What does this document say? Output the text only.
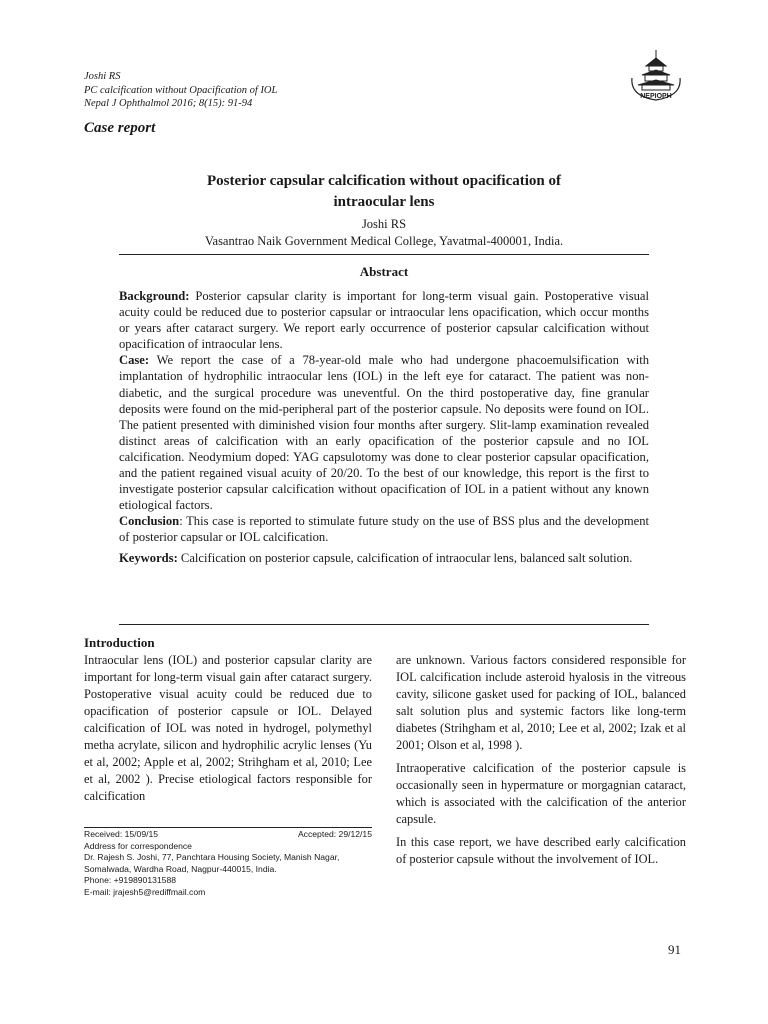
Joshi RS
PC calcification without Opacification of IOL
Nepal J Ophthalmol 2016; 8(15): 91-94
NEPIOPH
Case report
Posterior capsular calcification without opacification of
intraocular lens
Joshi RS
Vasantrao Naik Government Medical College, Yavatmal-400001, India.
Abstract

Background: Posterior capsular clarity is important for long-term visual gain. Postoperative visual acuity could be reduced due to posterior capsular or intraocular lens opacification, which occur months or years after cataract surgery. We report early occurrence of posterior capsular calcification without opacification of intraocular lens.

Case: We report the case of a 78-year-old male who had undergone phacoemulsification with implantation of hydrophilic intraocular lens (IOL) in the left eye for cataract. The patient was non-diabetic, and the surgical procedure was uneventful. On the third postoperative day, fine granular deposits were found on the mid-peripheral part of the posterior capsule. No deposits were found on IOL. The patient presented with diminished vision four months after surgery. Slit-lamp examination revealed distinct areas of calcification with an early opacification of the posterior capsule and no IOL calcification. Neodymium doped: YAG capsulotomy was done to clear posterior capsular opacification, and the patient regained visual acuity of 20/20. To the best of our knowledge, this report is the first to investigate posterior capsular calcification without opacification of IOL in a patient without any known etiological factors.

Conclusion: This case is reported to stimulate future study on the use of BSS plus and the development of posterior capsular or IOL calcification.

Keywords: Calcification on posterior capsule, calcification of intraocular lens, balanced salt solution.

Introduction

Intraocular lens (IOL) and posterior capsular clarity are important for long-term visual gain after cataract surgery. Postoperative visual acuity could be reduced due to opacification of posterior capsule or IOL. Delayed calcification of IOL was noted in hydrogel, polymethyl metha acrylate, silicon and hydrophilic acrylic lenses (Yu et al, 2002; Apple et al, 2002; Strihgham et al, 2010; Lee et al, 2002 ). Precise etiological factors responsible for calcification

Received: 15/09/15	Accepted: 29/12/15
Address for correspondence
Dr. Rajesh S. Joshi, 77, Panchtara Housing Society, Manish Nagar, Somalwada, Wardha Road, Nagpur-440015, India.
Phone: +919890131588
E-mail: jrajesh5@rediffmail.com

are unknown. Various factors considered responsible for IOL calcification include asteroid hyalosis in the vitreous cavity, silicone gasket used for packing of IOL, balanced salt solution plus and systemic factors like long-term diabetes (Strihgham et al, 2010; Lee et al, 2002; Izak et al 2001; Olson et al, 1998 ).

Intraoperative calcification of the posterior capsule is occasionally seen in hypermature or morgagnian cataract, which is associated with the calcification of the anterior capsule.

In this case report, we have described early calcification of posterior capsule without the involvement of IOL.

91
